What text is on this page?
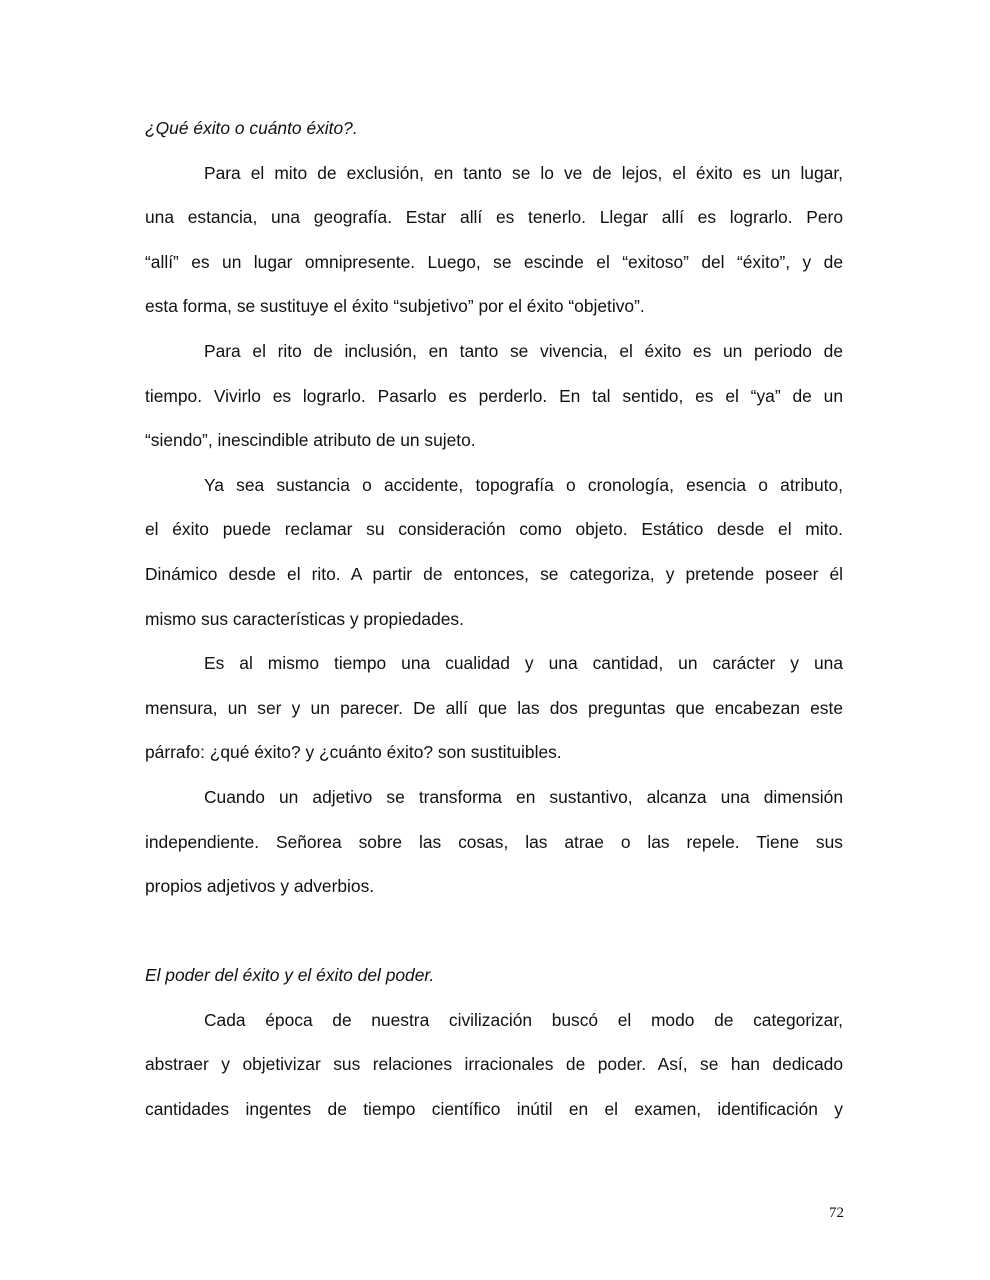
¿Qué éxito o cuánto éxito?.
Para el mito de exclusión, en tanto se lo ve de lejos, el éxito es un lugar,
una estancia, una geografía. Estar allí es tenerlo. Llegar allí es lograrlo. Pero
“allí” es un lugar omnipresente. Luego, se escinde el “exitoso” del “éxito”, y de
esta forma, se sustituye el éxito “subjetivo” por el éxito “objetivo”.
Para el rito de inclusión, en tanto se vivencia, el éxito es un periodo de
tiempo. Vivirlo es lograrlo. Pasarlo es perderlo. En tal sentido, es el “ya” de un
“siendo”, inescindible atributo de un sujeto.
Ya sea sustancia o accidente, topografía o cronología, esencia o atributo,
el éxito puede reclamar su consideración como objeto. Estático desde el mito.
Dinámico desde el rito. A partir de entonces, se categoriza, y pretende poseer él
mismo sus características y propiedades.
Es al mismo tiempo una cualidad y una cantidad, un carácter y una
mensura, un ser y un parecer. De allí que las dos preguntas que encabezan este
párrafo: ¿qué éxito? y ¿cuánto éxito? son sustituibles.
Cuando un adjetivo se transforma en sustantivo, alcanza una dimensión
independiente. Señorea sobre las cosas, las atrae o las repele. Tiene sus
propios adjetivos y adverbios.
El poder del éxito y el éxito del poder.
Cada época de nuestra civilización buscó el modo de categorizar,
abstraer y objetivizar sus relaciones irracionales de poder. Así, se han dedicado
cantidades ingentes de tiempo científico inútil en el examen, identificación y
72
